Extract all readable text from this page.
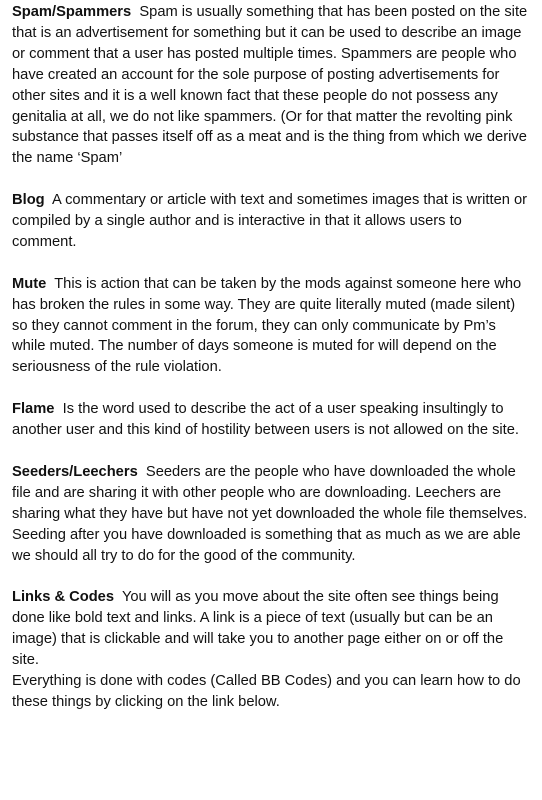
Spam/Spammers Spam is usually something that has been posted on the site that is an advertisement for something but it can be used to describe an image or comment that a user has posted multiple times. Spammers are people who have created an account for the sole purpose of posting advertisements for other sites and it is a well known fact that these people do not possess any genitalia at all, we do not like spammers. (Or for that matter the revolting pink substance that passes itself off as a meat and is the thing from which we derive the name ‘Spam’

Blog A commentary or article with text and sometimes images that is written or compiled by a single author and is interactive in that it allows users to comment.

Mute This is action that can be taken by the mods against someone here who has broken the rules in some way. They are quite literally muted (made silent) so they cannot comment in the forum, they can only communicate by Pm’s while muted. The number of days someone is muted for will depend on the seriousness of the rule violation.

Flame Is the word used to describe the act of a user speaking insultingly to another user and this kind of hostility between users is not allowed on the site.

Seeders/Leechers Seeders are the people who have downloaded the whole file and are sharing it with other people who are downloading. Leechers are sharing what they have but have not yet downloaded the whole file themselves. Seeding after you have downloaded is something that as much as we are able we should all try to do for the good of the community.

Links & Codes You will as you move about the site often see things being done like bold text and links. A link is a piece of text (usually but can be an image) that is clickable and will take you to another page either on or off the site.

Everything is done with codes (Called BB Codes) and you can learn how to do these things by clicking on the link below.
